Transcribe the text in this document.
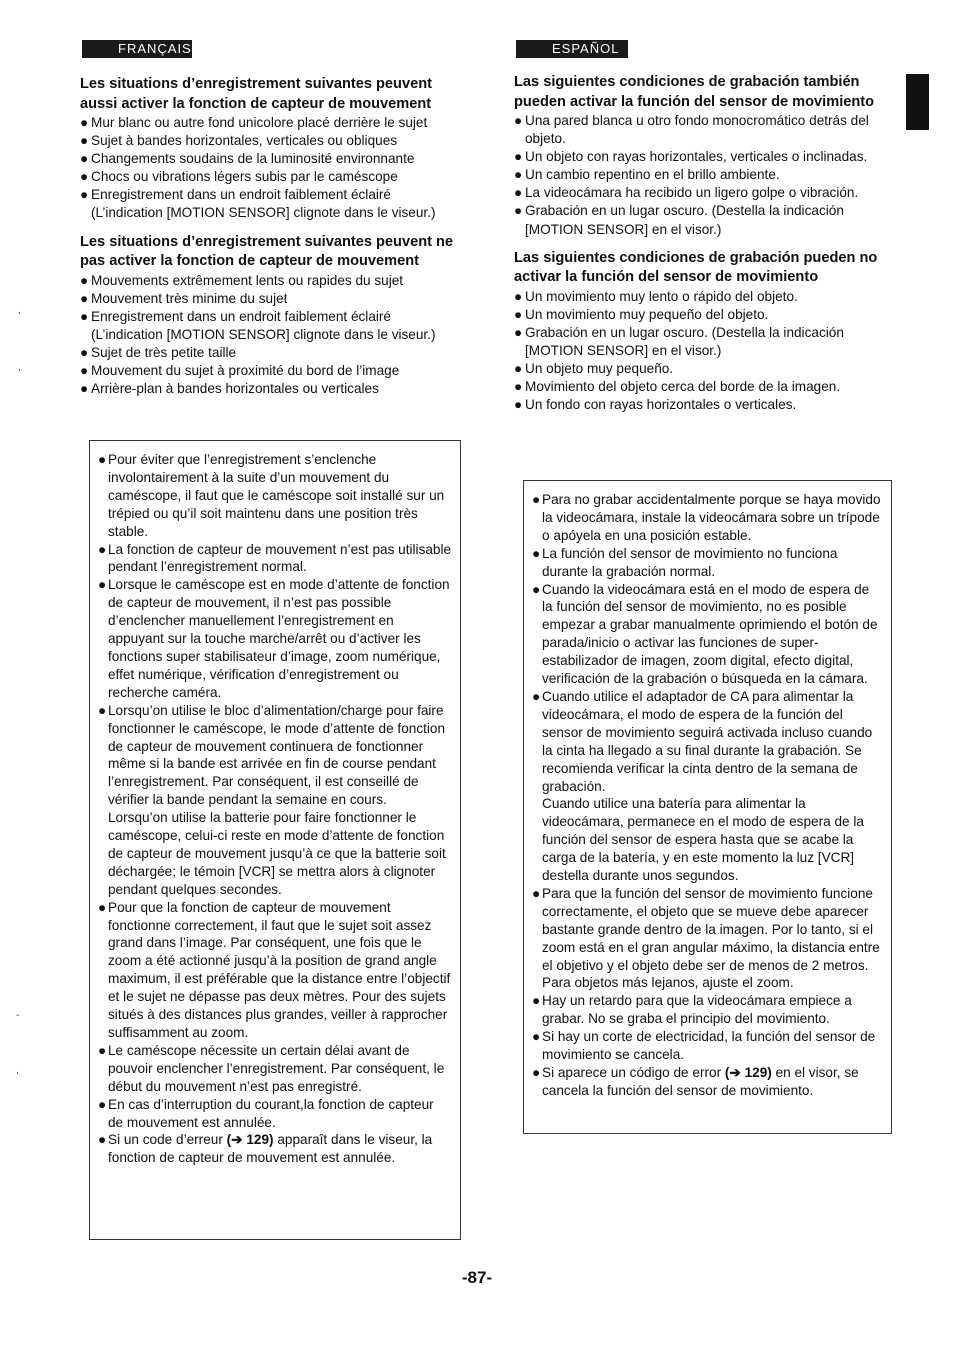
FRANÇAIS	ESPAÑOL
Les situations d’enregistrement suivantes peuvent aussi activer la fonction de capteur de mouvement
● Mur blanc ou autre fond unicolore placé derrière le sujet
● Sujet à bandes horizontales, verticales ou obliques
● Changements soudains de la luminosité environnante
● Chocs ou vibrations légers subis par le caméscope
● Enregistrement dans un endroit faiblement éclairé (L’indication [MOTION SENSOR] clignote dans le viseur.)
Les situations d’enregistrement suivantes peuvent ne pas activer la fonction de capteur de mouvement
● Mouvements extrêmement lents ou rapides du sujet
● Mouvement très minime du sujet
● Enregistrement dans un endroit faiblement éclairé (L’indication [MOTION SENSOR] clignote dans le viseur.)
● Sujet de très petite taille
● Mouvement du sujet à proximité du bord de l’image
● Arrière-plan à bandes horizontales ou verticales
● Pour éviter que l’enregistrement s’enclenche involontairement à la suite d’un mouvement du caméscope, il faut que le caméscope soit installé sur un trépied ou qu’il soit maintenu dans une position très stable.
● La fonction de capteur de mouvement n’est pas utilisable pendant l’enregistrement normal.
● Lorsque le caméscope est en mode d’attente de fonction de capteur de mouvement, il n’est pas possible d’enclencher manuellement l’enregistrement en appuyant sur la touche marche/arrêt ou d’activer les fonctions super stabilisateur d’image, zoom numérique, effet numérique, vérification d’enregistrement ou recherche caméra.
● Lorsqu’on utilise le bloc d’alimentation/charge pour faire fonctionner le caméscope, le mode d’attente de fonction de capteur de mouvement continuera de fonctionner même si la bande est arrivée en fin de course pendant l’enregistrement. Par conséquent, il est conseillé de vérifier la bande pendant la semaine en cours.
Lorsqu’on utilise la batterie pour faire fonctionner le caméscope, celui-ci reste en mode d’attente de fonction de capteur de mouvement jusqu’à ce que la batterie soit déchargée; le témoin [VCR] se mettra alors à clignoter pendant quelques secondes.
● Pour que la fonction de capteur de mouvement fonctionne correctement, il faut que le sujet soit assez grand dans l’image. Par conséquent, une fois que le zoom a été actionné jusqu’à la position de grand angle maximum, il est préférable que la distance entre l’objectif et le sujet ne dépasse pas deux mètres. Pour des sujets situés à des distances plus grandes, veiller à rapprocher suffisamment au zoom.
● Le caméscope nécessite un certain délai avant de pouvoir enclencher l’enregistrement. Par conséquent, le début du mouvement n’est pas enregistré.
● En cas d’interruption du courant,la fonction de capteur de mouvement est annulée.
● Si un code d’erreur (➔ 129) apparaît dans le viseur, la fonction de capteur de mouvement est annulée.
Las siguientes condiciones de grabación también pueden activar la función del sensor de movimiento
● Una pared blanca u otro fondo monocromático detrás del objeto.
● Un objeto con rayas horizontales, verticales o inclinadas.
● Un cambio repentino en el brillo ambiente.
● La videocámara ha recibido un ligero golpe o vibración.
● Grabación en un lugar oscuro. (Destella la indicación [MOTION SENSOR] en el visor.)
Las siguientes condiciones de grabación pueden no activar la función del sensor de movimiento
● Un movimiento muy lento o rápido del objeto.
● Un movimiento muy pequeño del objeto.
● Grabación en un lugar oscuro. (Destella la indicación [MOTION SENSOR] en el visor.)
● Un objeto muy pequeño.
● Movimiento del objeto cerca del borde de la imagen.
● Un fondo con rayas horizontales o verticales.
● Para no grabar accidentalmente porque se haya movido la videocámara, instale la videocámara sobre un trípode o apóyela en una posición estable.
● La función del sensor de movimiento no funciona durante la grabación normal.
● Cuando la videocámara está en el modo de espera de la función del sensor de movimiento, no es posible empezar a grabar manualmente oprimiendo el botón de parada/inicio o activar las funciones de super- estabilizador de imagen, zoom digital, efecto digital, verificación de la grabación o búsqueda en la cámara.
● Cuando utilice el adaptador de CA para alimentar la videocámara, el modo de espera de la función del sensor de movimiento seguirá activada incluso cuando la cinta ha llegado a su final durante la grabación. Se recomienda verificar la cinta dentro de la semana de grabación.
Cuando utilice una batería para alimentar la videocámara, permanece en el modo de espera de la función del sensor de espera hasta que se acabe la carga de la batería, y en este momento la luz [VCR] destella durante unos segundos.
● Para que la función del sensor de movimiento funcione correctamente, el objeto que se mueve debe aparecer bastante grande dentro de la imagen. Por lo tanto, si el zoom está en el gran angular máximo, la distancia entre el objetivo y el objeto debe ser de menos de 2 metros. Para objetos más lejanos, ajuste el zoom.
● Hay un retardo para que la videocámara empiece a grabar. No se graba el principio del movimiento.
● Si hay un corte de electricidad, la función del sensor de movimiento se cancela.
● Si aparece un código de error (➔ 129) en el visor, se cancela la función del sensor de movimiento.
-87-
,
,
-
,
